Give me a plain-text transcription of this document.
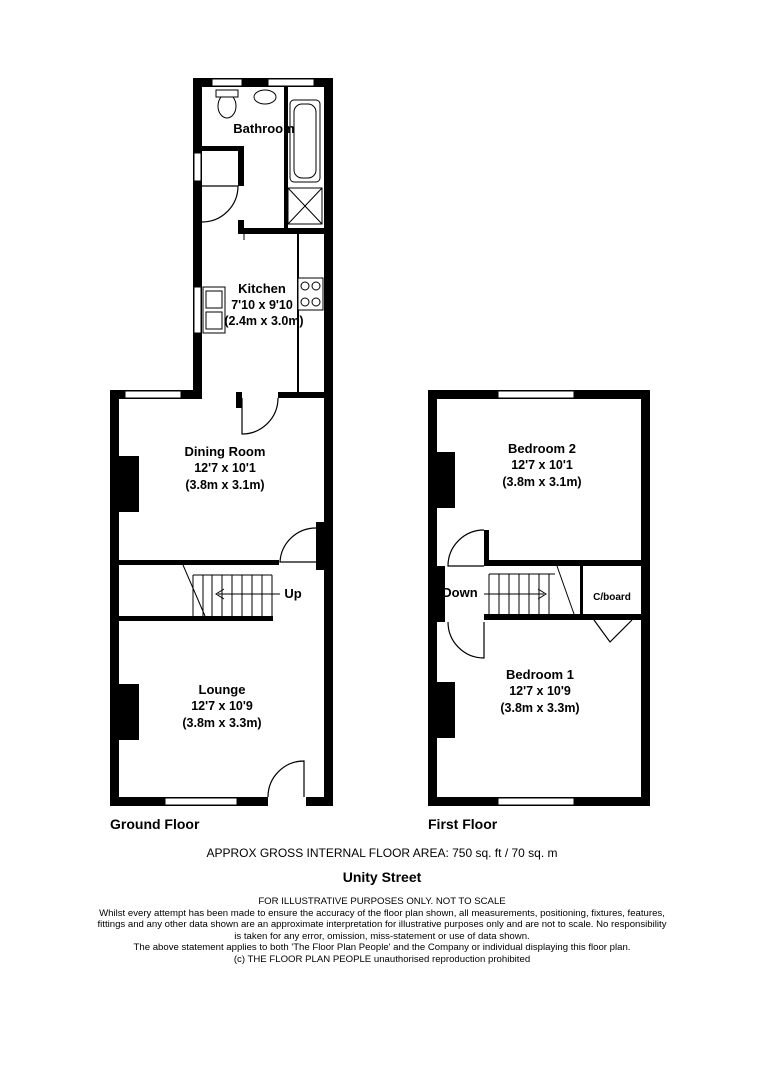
Bathroom
Kitchen
7'10 x 9'10
(2.4m x 3.0m)
Dining Room
12'7 x 10'1
(3.8m x 3.1m)
Up
Lounge
12'7 x 10'9
(3.8m x 3.3m)
Bedroom 2
12'7 x 10'1
(3.8m x 3.1m)
Down	C/board
Bedroom 1
12'7 x 10'9
(3.8m x 3.3m)

Ground Floor	First Floor

APPROX GROSS INTERNAL FLOOR AREA: 750 sq. ft / 70 sq. m

Unity Street

FOR ILLUSTRATIVE PURPOSES ONLY. NOT TO SCALE
Whilst every attempt has been made to ensure the accuracy of the floor plan shown, all measurements, positioning, fixtures, features,
fittings and any other data shown are an approximate interpretation for illustrative purposes only and are not to scale. No responsibility
is taken for any error, omission, miss-statement or use of data shown.
The above statement applies to both 'The Floor Plan People' and the Company or individual displaying this floor plan.
(c) THE FLOOR PLAN PEOPLE unauthorised reproduction prohibited
